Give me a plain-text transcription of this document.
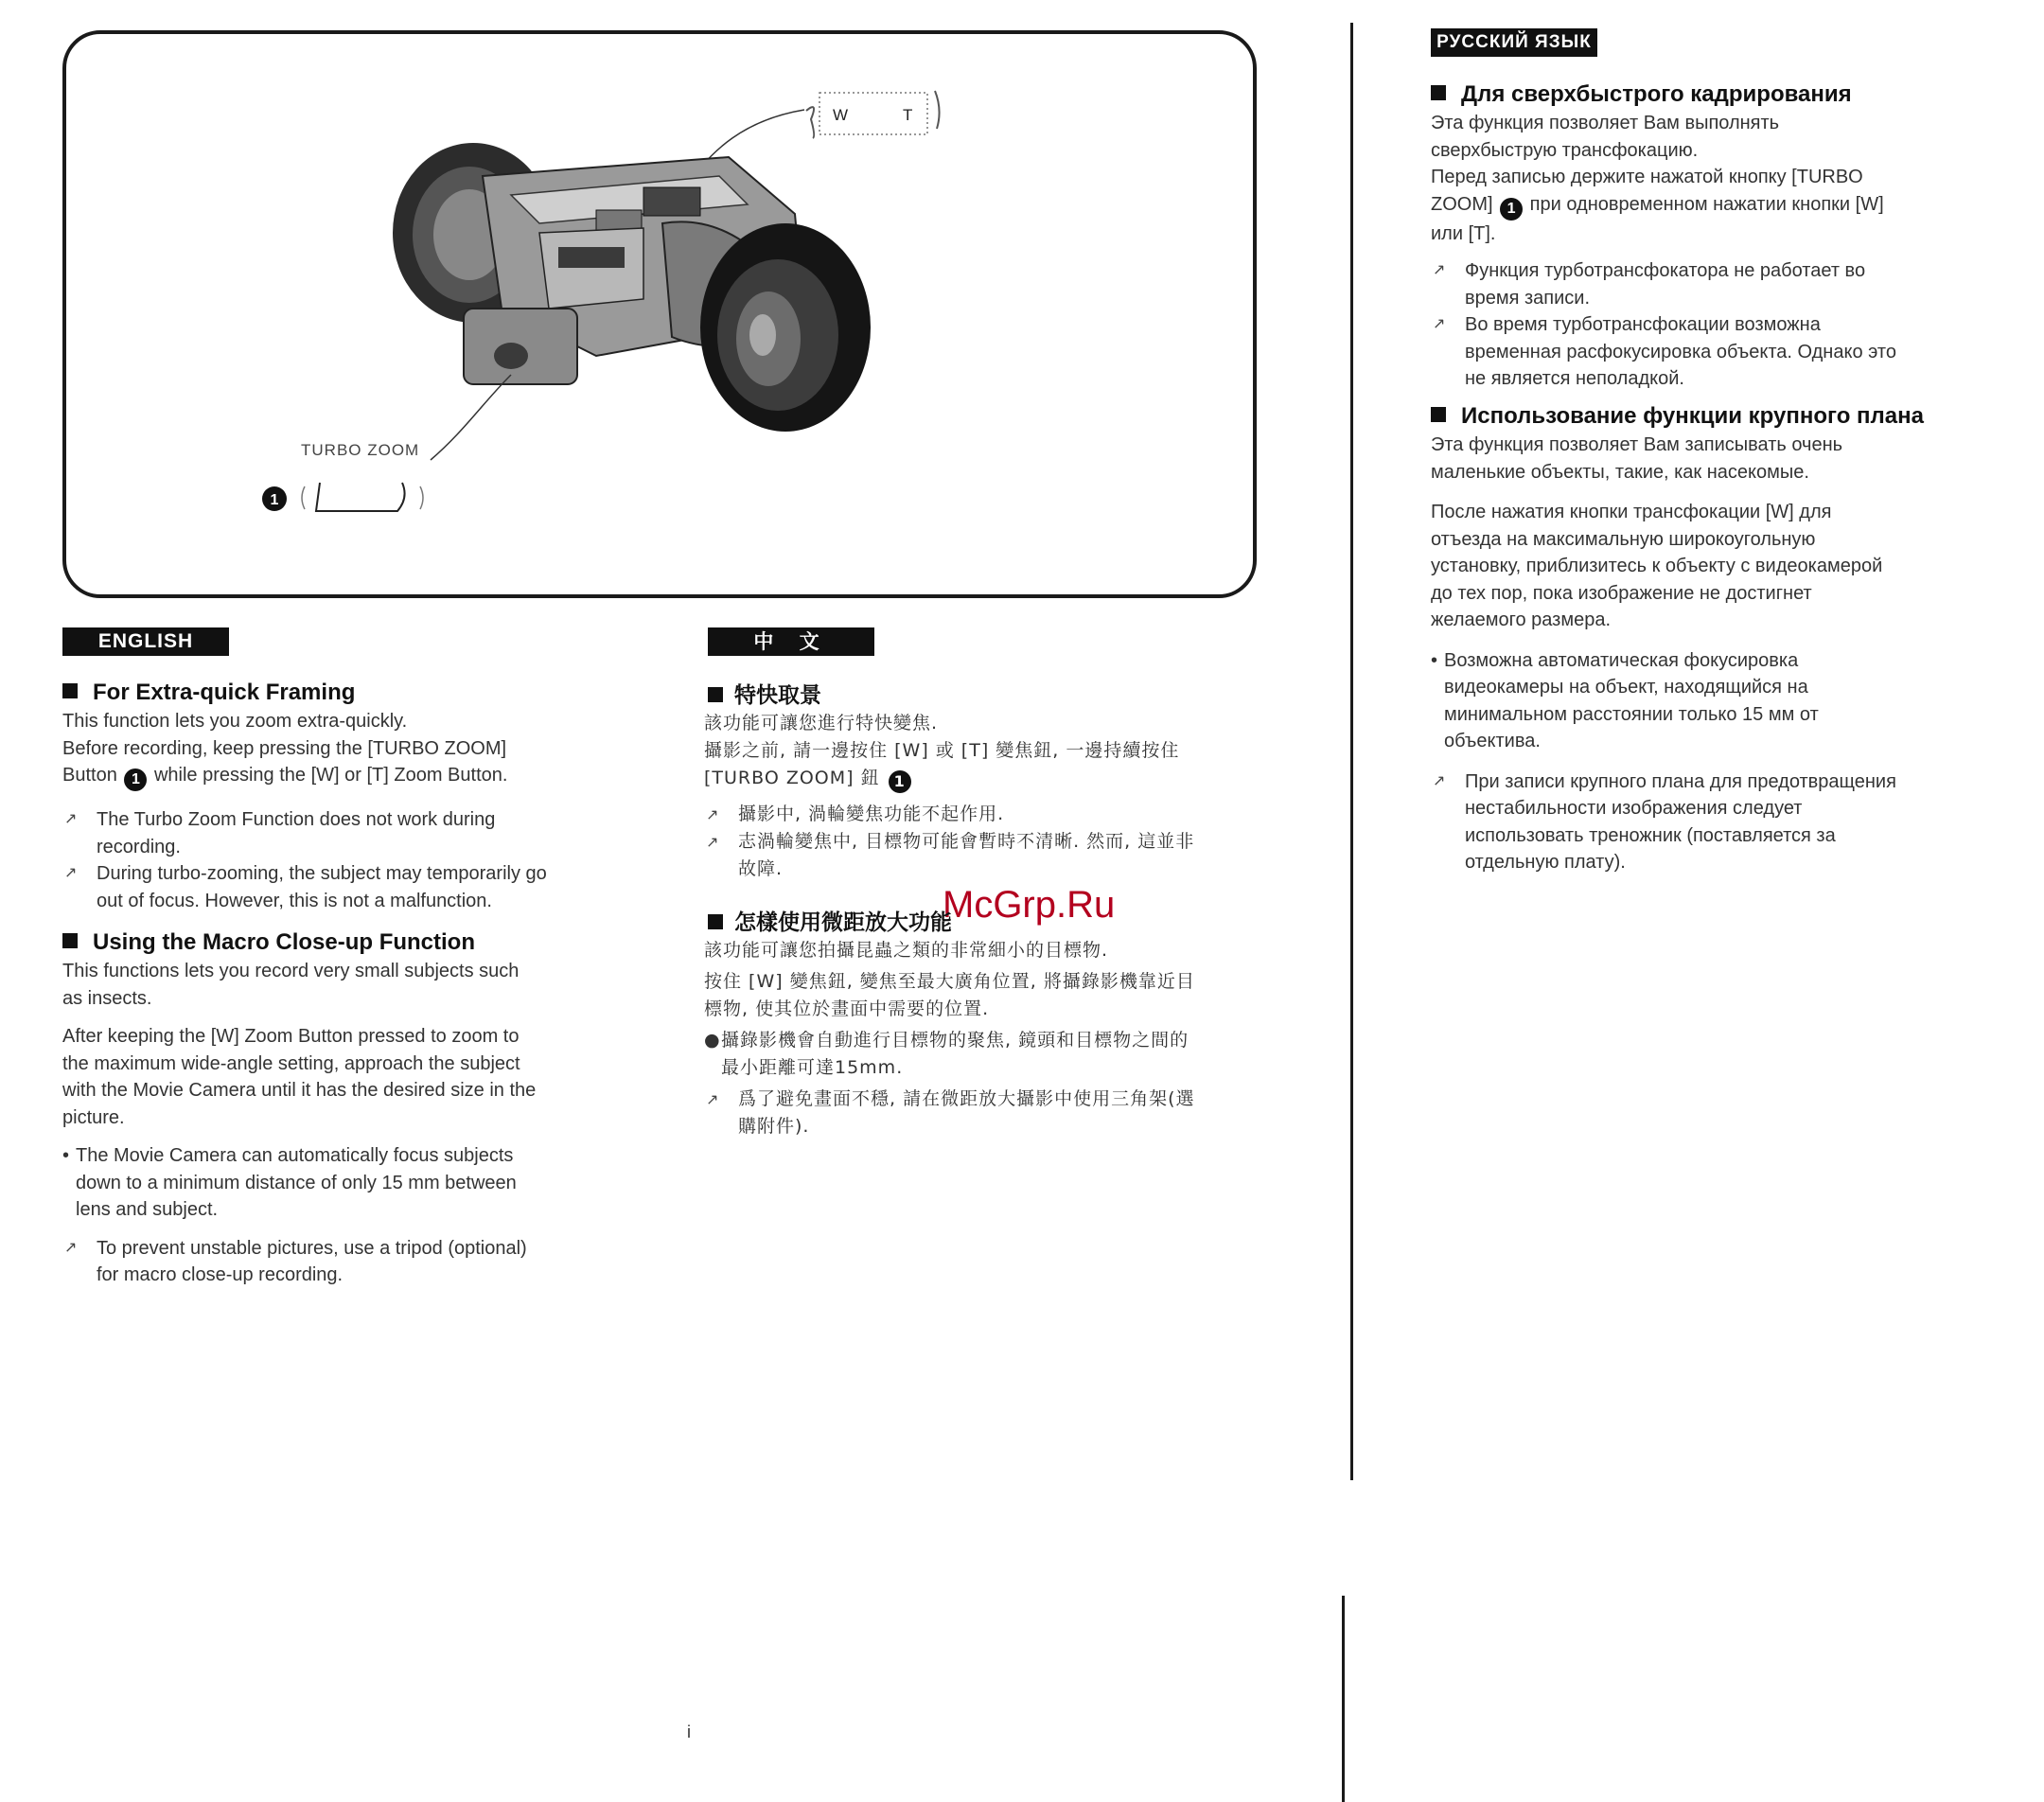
W	T
TURBO ZOOM
1
McGrp.Ru
i
ENGLISH
For Extra-quick Framing
This function lets you zoom extra-quickly.
Before recording, keep pressing the [TURBO ZOOM]
Button 1 while pressing the [W] or [T] Zoom Button.
↗ The Turbo Zoom Function does not work during
recording.
↗ During turbo-zooming, the subject may temporarily go
out of focus. However, this is not a malfunction.
Using the Macro Close-up Function
This functions lets you record very small subjects such
as insects.
After keeping the [W] Zoom Button pressed to zoom to
the maximum wide-angle setting, approach the subject
with the Movie Camera until it has the desired size in the
picture.
• The Movie Camera can automatically focus subjects
down to a minimum distance of only 15 mm between
lens and subject.
↗ To prevent unstable pictures, use a tripod (optional)
for macro close-up recording.
中 文
特快取景
該功能可讓您進行特快變焦.
攝影之前, 請一邊按住 [W] 或 [T] 變焦鈕, 一邊持續按住
[TURBO ZOOM] 鈕 1
↗ 攝影中, 渦輪變焦功能不起作用.
↗ 志渦輪變焦中, 目標物可能會暫時不清晰. 然而, 這並非
故障.
怎樣使用微距放大功能
該功能可讓您拍攝昆蟲之類的非常細小的目標物.
按住 [W] 變焦鈕, 變焦至最大廣角位置, 將攝錄影機靠近目
標物, 使其位於畫面中需要的位置.
● 攝錄影機會自動進行目標物的聚焦, 鏡頭和目標物之間的
最小距離可達15mm.
↗ 爲了避免畫面不穩, 請在微距放大攝影中使用三角架(選
購附件).
РУССКИЙ ЯЗЫК
Для сверхбыстрого кадрирования
Эта функция позволяет Вам выполнять
сверхбыструю трансфокацию.
Перед записью держите нажатой кнопку [TURBO
ZOOM] 1 при одновременном нажатии кнопки [W]
или [T].
↗ Функция турботрансфокатора не работает во
время записи.
↗ Во время турботрансфокации возможна
временная расфокусировка объекта. Однако это
не является неполадкой.
Использование функции крупного плана
Эта функция позволяет Вам записывать очень
маленькие объекты, такие, как насекомые.
После нажатия кнопки трансфокации [W] для
отъезда на максимальную широкоугольную
установку, приблизитесь к объекту с видеокамерой
до тех пор, пока изображение не достигнет
желаемого размера.
• Возможна автоматическая фокусировка
видеокамеры на объект, находящийся на
минимальном расстоянии только 15 мм от
объектива.
↗ При записи крупного плана для предотвращения
нестабильности изображения следует
использовать треножник (поставляется за
отдельную плату).
